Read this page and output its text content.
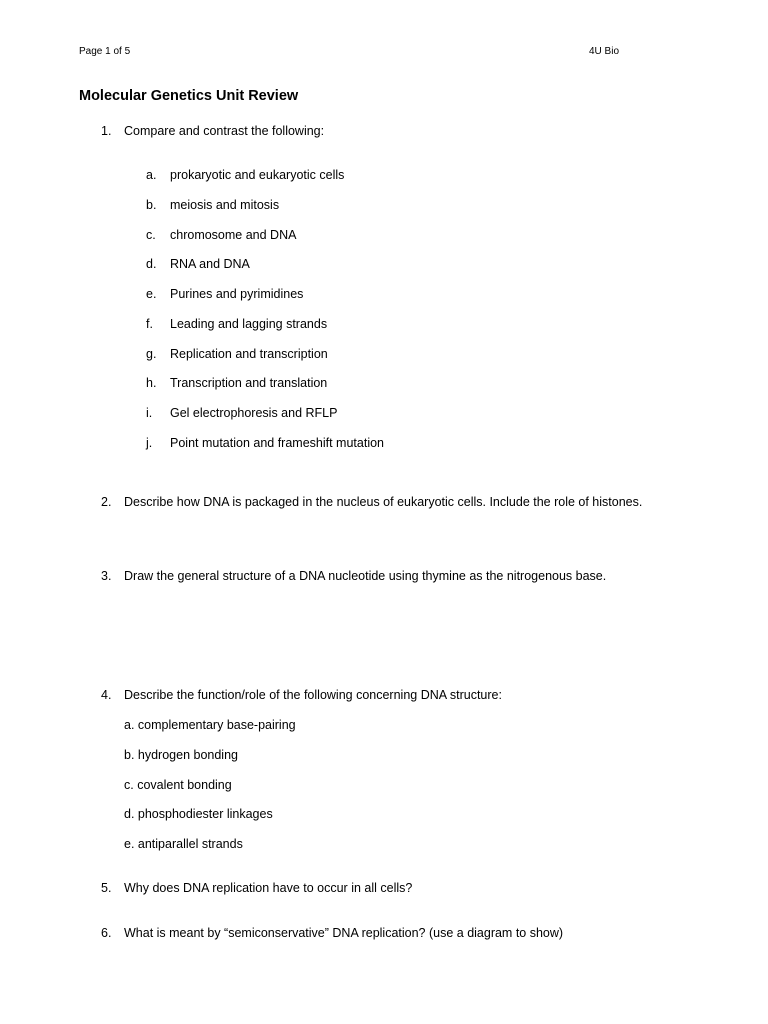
Page 1 of 5	4U Bio
Molecular Genetics Unit Review
1. Compare and contrast the following:
a. prokaryotic and eukaryotic cells
b. meiosis and mitosis
c. chromosome and DNA
d. RNA and DNA
e. Purines and pyrimidines
f. Leading and lagging strands
g. Replication and transcription
h. Transcription and translation
i. Gel electrophoresis and RFLP
j. Point mutation and frameshift mutation
2. Describe how DNA is packaged in the nucleus of eukaryotic cells. Include the role of histones.
3. Draw the general structure of a DNA nucleotide using thymine as the nitrogenous base.
4. Describe the function/role of the following concerning DNA structure:
a. complementary base-pairing
b. hydrogen bonding
c. covalent bonding
d. phosphodiester linkages
e. antiparallel strands
5. Why does DNA replication have to occur in all cells?
6. What is meant by “semiconservative” DNA replication? (use a diagram to show)
